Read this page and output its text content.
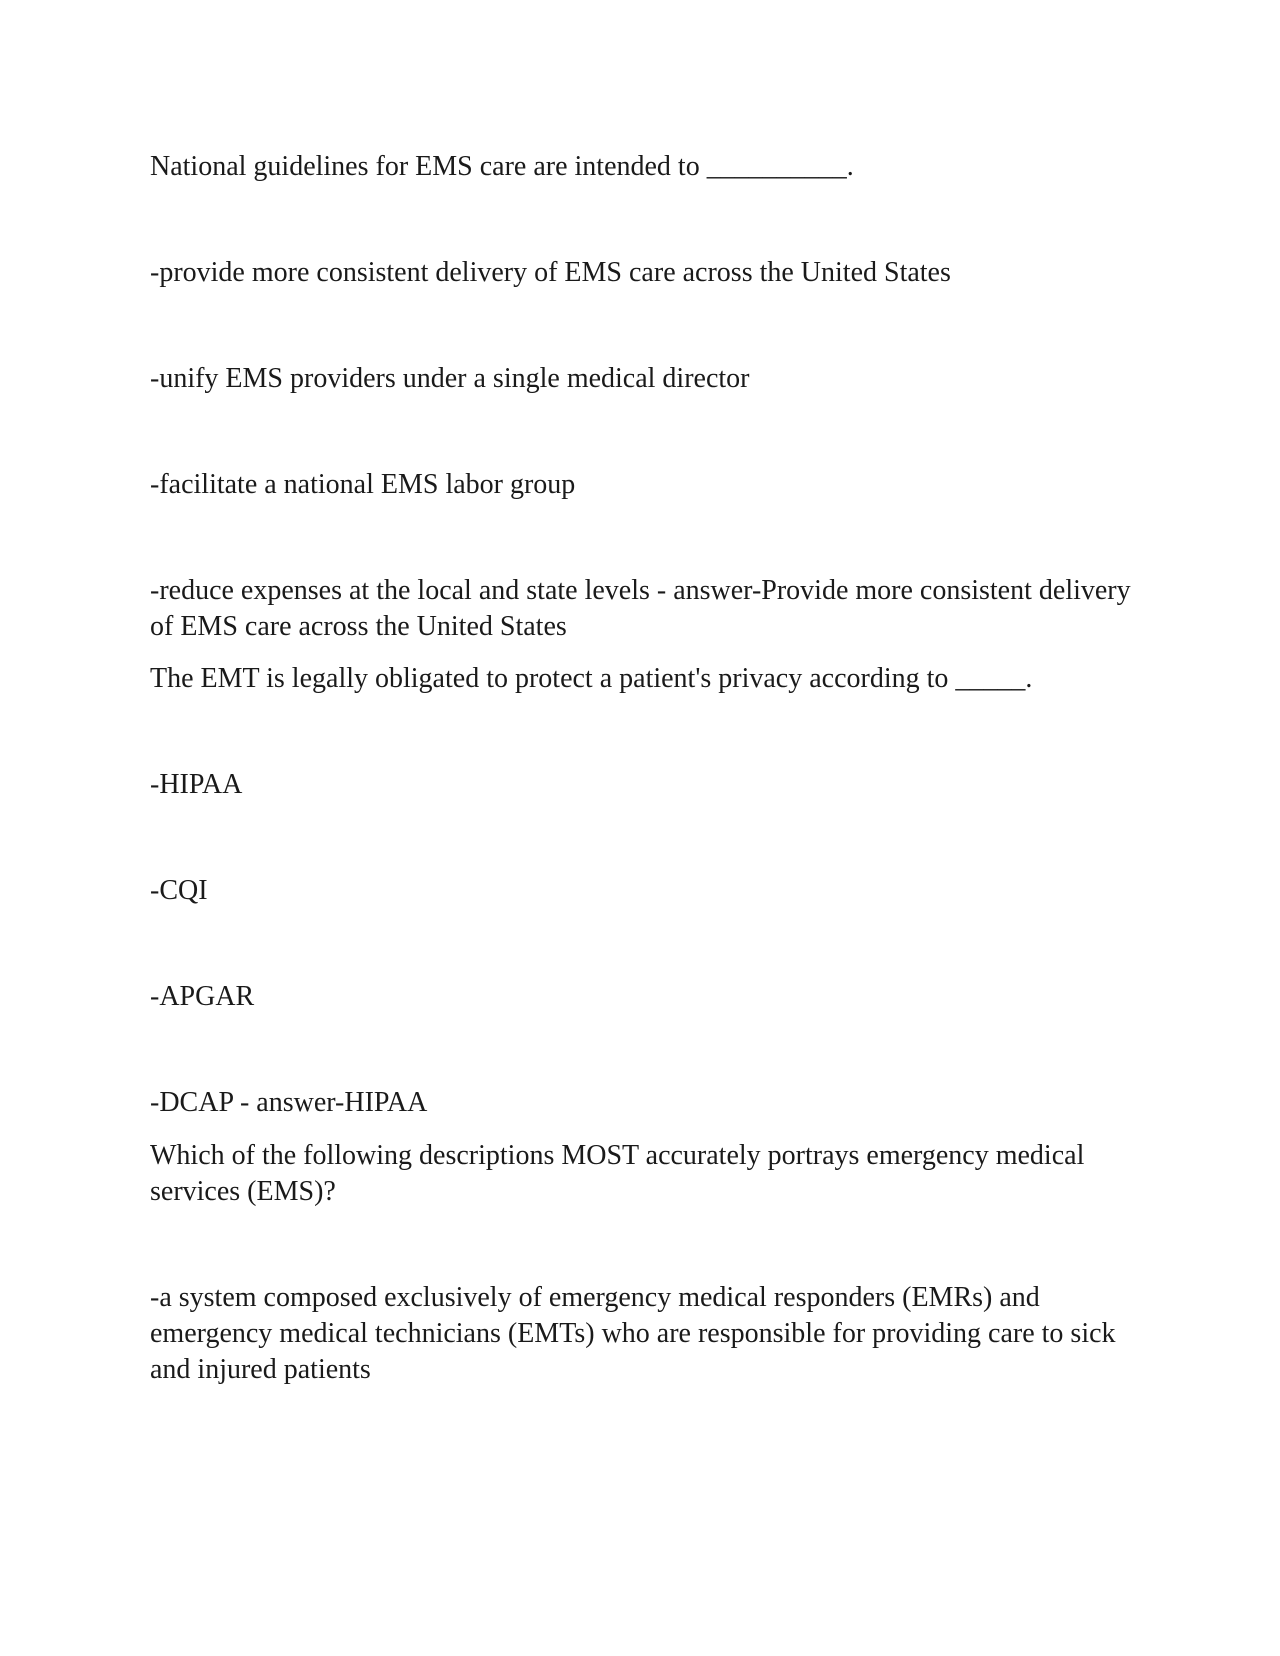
National guidelines for EMS care are intended to __________.

-provide more consistent delivery of EMS care across the United States

-unify EMS providers under a single medical director

-facilitate a national EMS labor group

-reduce expenses at the local and state levels - answer-Provide more consistent delivery of EMS care across the United States

The EMT is legally obligated to protect a patient's privacy according to _____.

-HIPAA

-CQI

-APGAR

-DCAP - answer-HIPAA

Which of the following descriptions MOST accurately portrays emergency medical services (EMS)?

-a system composed exclusively of emergency medical responders (EMRs) and emergency medical technicians (EMTs) who are responsible for providing care to sick and injured patients
